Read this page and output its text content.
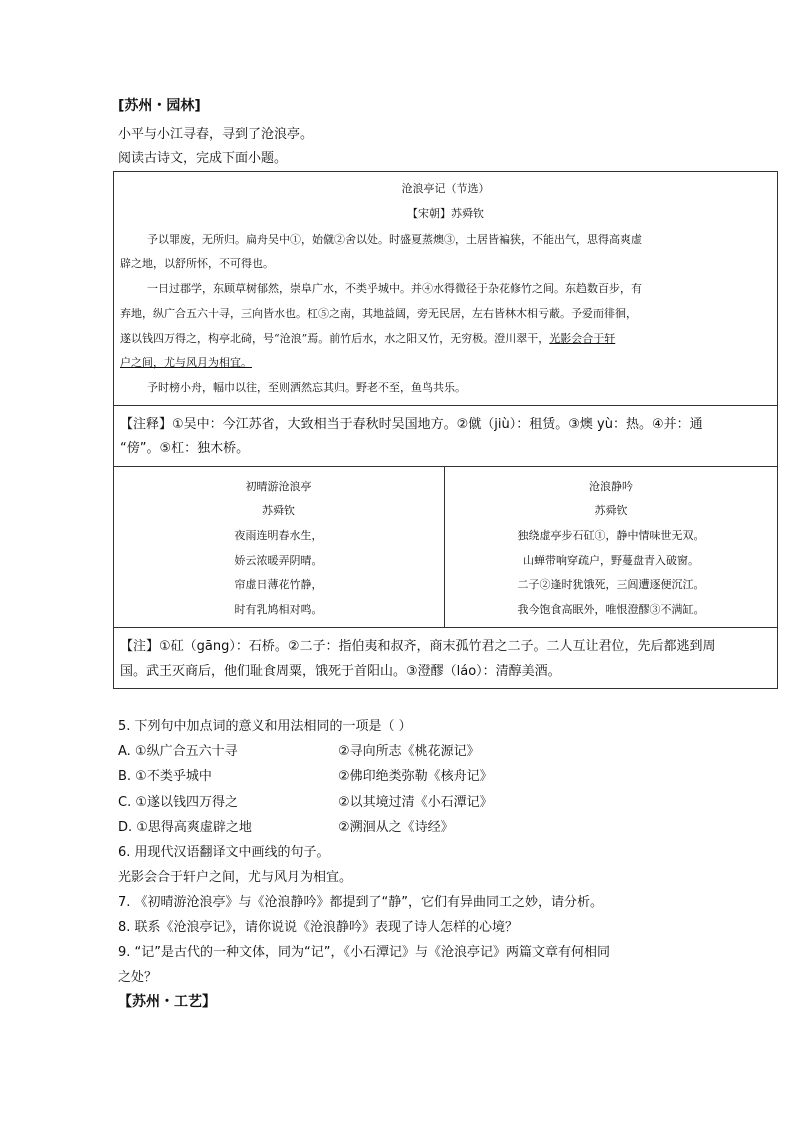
[苏州・园林]
小平与小江寻春，寻到了沧浪亭。
阅读古诗文，完成下面小题。
沧浪亭记（节选）
【宋朝】苏舜钦
予以罪废，无所归。扁舟吴中①，始僦②舍以处。时盛夏蒸燠③，土居皆褊狭，不能出气，思得高爽虚
辟之地，以舒所怀，不可得也。
一日过郡学，东顾草树郁然，崇阜广水，不类乎城中。并④水得微径于杂花修竹之间。东趋数百步，有
弃地，纵广合五六十寻，三向皆水也。杠⑤之南，其地益阔，旁无民居，左右皆林木相亏蔽。予爱而徘徊，
遂以钱四万得之，构亭北碕，号“沧浪”焉。前竹后水，水之阳又竹，无穷极。澄川翠干，光影会合于轩
户之间，尤与风月为相宜。
予时榜小舟，幅巾以往，至则洒然忘其归。野老不至，鱼鸟共乐。
【注释】①吴中：今江苏省，大致相当于春秋时吴国地方。②僦（jiù）：租赁。③燠 yù：热。④并：通
“傍”。⑤杠：独木桥。
初晴游沧浪亭
苏舜钦
夜雨连明春水生，
娇云浓暖弄阴晴。
帘虚日薄花竹静，
时有乳鸠相对鸣。
沧浪静吟
苏舜钦
独绕虚亭步石矼①，静中情味世无双。
山蝉带响穿疏户，野蔓盘青入破窗。
二子②逢时犹饿死，三闾遭逐便沉江。
我今饱食高眠外，唯恨澄醪③不满缸。
【注】①矼（gāng）：石桥。②二子：指伯夷和叔齐，商末孤竹君之二子。二人互让君位，先后都逃到周
国。武王灭商后，他们耻食周粟，饿死于首阳山。③澄醪（láo）：清醇美酒。
5. 下列句中加点词的意义和用法相同的一项是（ ）
A. ①纵广合五六十寻	②寻向所志《桃花源记》
B. ①不类乎城中	②佛印绝类弥勒《核舟记》
C. ①遂以钱四万得之	②以其境过清《小石潭记》
D. ①思得高爽虚辟之地	②溯洄从之《诗经》
6. 用现代汉语翻译文中画线的句子。
光影会合于轩户之间，尤与风月为相宜。
7. 《初晴游沧浪亭》与《沧浪静吟》都提到了“静”，它们有异曲同工之妙，请分析。
8. 联系《沧浪亭记》，请你说说《沧浪静吟》表现了诗人怎样的心境？
9. “记”是古代的一种文体，同为“记”，《小石潭记》与《沧浪亭记》两篇文章有何相同
之处？
【苏州・工艺】
